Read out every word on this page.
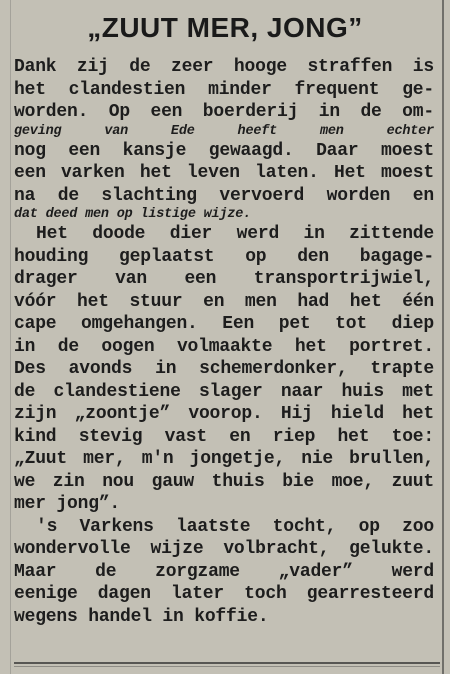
„ZUUT MER, JONG”
Dank zij de zeer hooge straffen is
het clandestien minder frequent ge-
worden. Op een boerderij in de om-
geving van Ede heeft men echter
nog een kansje gewaagd. Daar moest
een varken het leven laten. Het moest
na de slachting vervoerd worden en
dat deed men op listige wijze.
Het doode dier werd in zittende
houding geplaatst op den bagage-
drager van een transportrijwiel,
vóór het stuur en men had het één
cape omgehangen. Een pet tot diep
in de oogen volmaakte het portret.
Des avonds in schemerdonker, trapte
de clandestiene slager naar huis met
zijn „zoontje” voorop. Hij hield het
kind stevig vast en riep het toe:
„Zuut mer, m'n jongetje, nie brullen,
we zin nou gauw thuis bie moe, zuut
mer jong”.
's Varkens laatste tocht, op zoo
wondervolle wijze volbracht, gelukte.
Maar de zorgzame „vader” werd
eenige dagen later toch gearresteerd
wegens handel in koffie.
